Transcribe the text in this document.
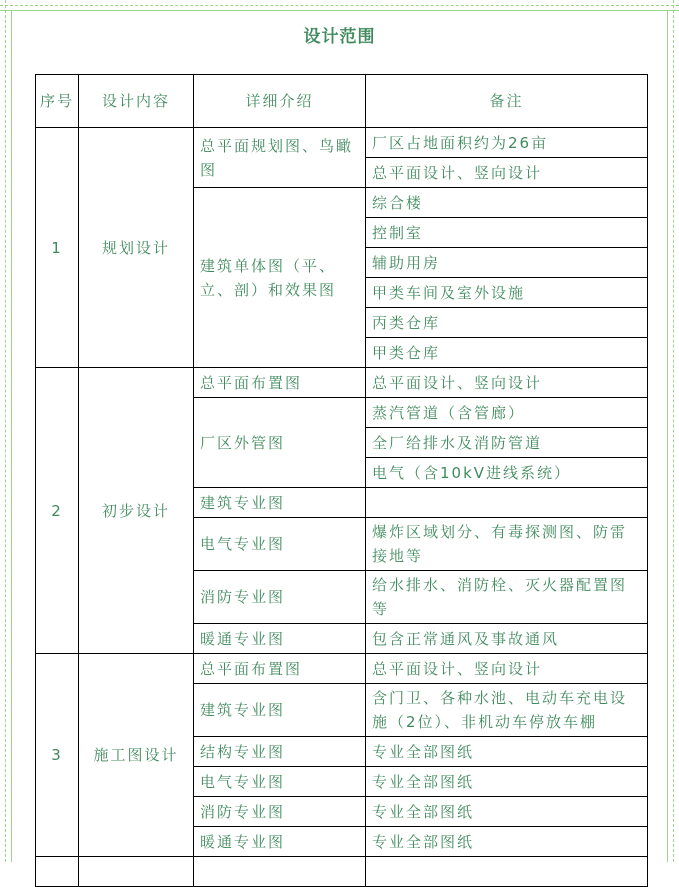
设计范围
序号	设计内容	详细介绍	备注
1	规划设计	总平面规划图、鸟瞰图	厂区占地面积约为26亩
			总平面设计、竖向设计
		建筑单体图（平、立、剖）和效果图	综合楼
			控制室
			辅助用房
			甲类车间及室外设施
			丙类仓库
			甲类仓库
2	初步设计	总平面布置图	总平面设计、竖向设计
		厂区外管图	蒸汽管道（含管廊）
			全厂给排水及消防管道
			电气（含10kV进线系统）
		建筑专业图	
		电气专业图	爆炸区域划分、有毒探测图、防雷接地等
		消防专业图	给水排水、消防栓、灭火器配置图等
		暖通专业图	包含正常通风及事故通风
3	施工图设计	总平面布置图	总平面设计、竖向设计
		建筑专业图	含门卫、各种水池、电动车充电设施（2位）、非机动车停放车棚
		结构专业图	专业全部图纸
		电气专业图	专业全部图纸
		消防专业图	专业全部图纸
		暖通专业图	专业全部图纸
